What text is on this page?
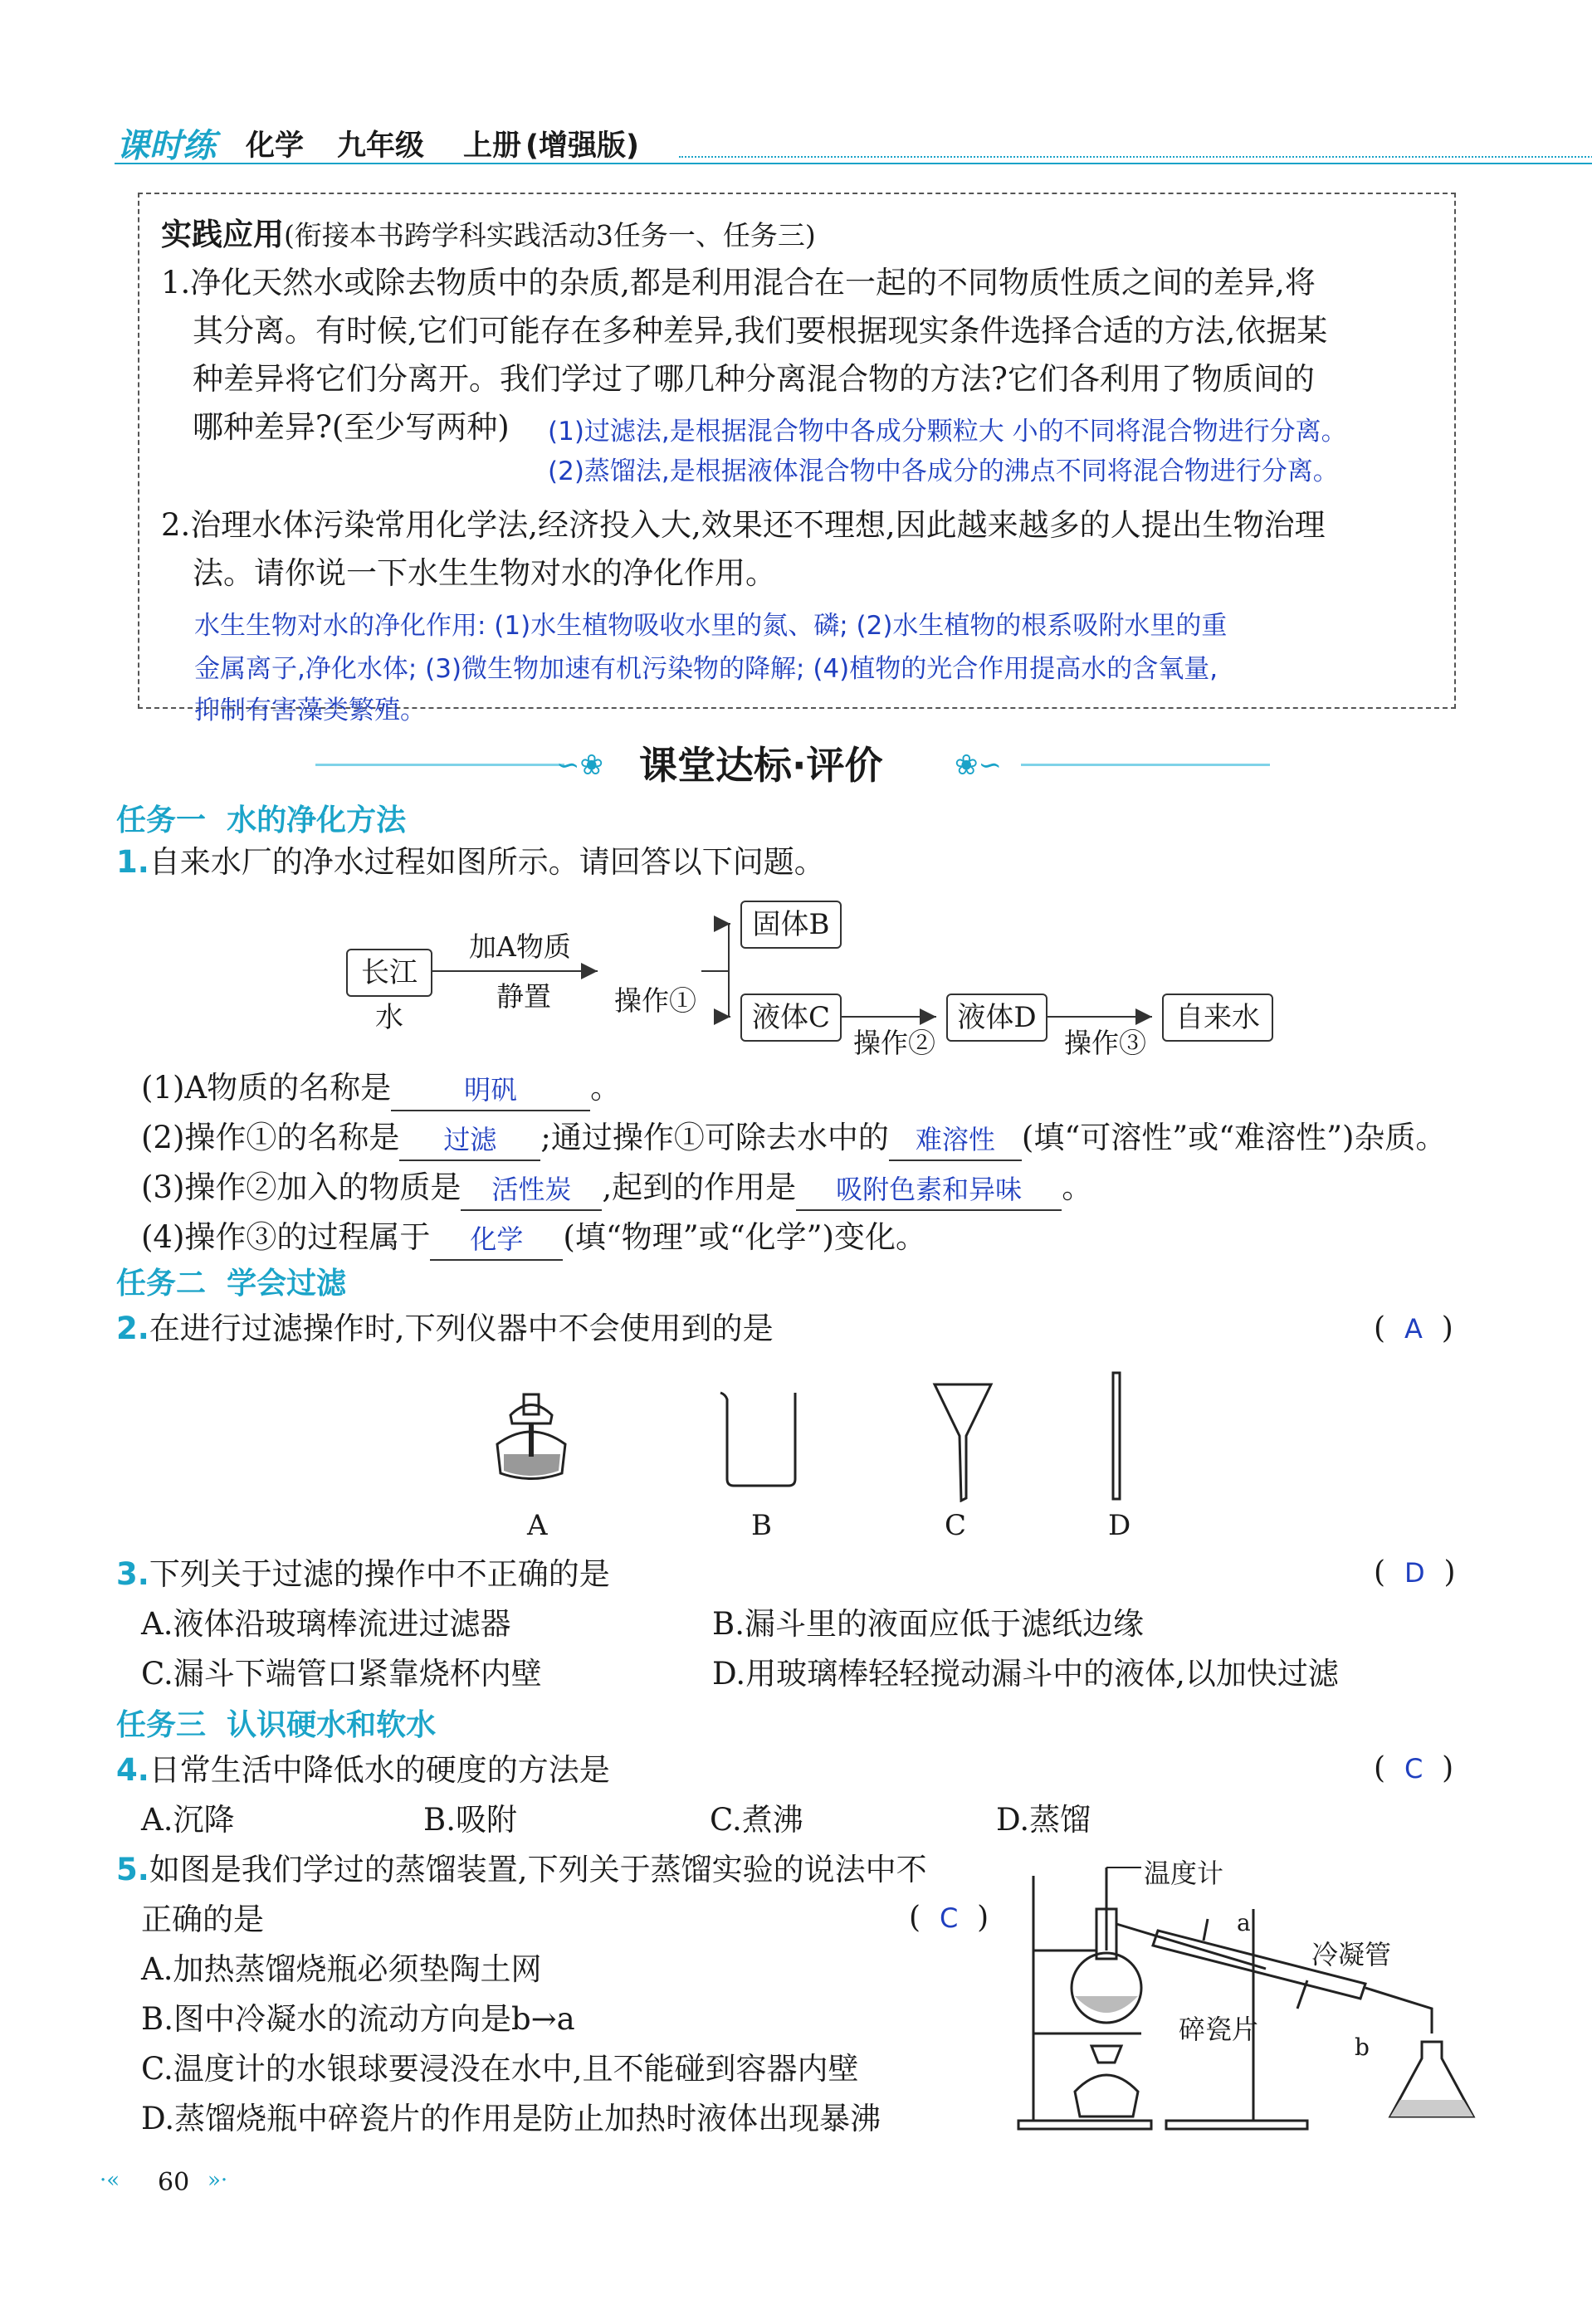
课时练 化学 九年级 上册 (增强版)
实践应用(衔接本书跨学科实践活动3任务一、任务三)
1.净化天然水或除去物质中的杂质,都是利用混合在一起的不同物质性质之间的差异,将
其分离。有时候,它们可能存在多种差异,我们要根据现实条件选择合适的方法,依据某
种差异将它们分离开。我们学过了哪几种分离混合物的方法?它们各利用了物质间的
哪种差异?(至少写两种) (1)过滤法,是根据混合物中各成分颗粒大 小的不同将混合物进行分离。
(2)蒸馏法,是根据液体混合物中各成分的沸点不同将混合物进行分离。
2.治理水体污染常用化学法,经济投入大,效果还不理想,因此越来越多的人提出生物治理
法。请你说一下水生生物对水的净化作用。
水生生物对水的净化作用: (1)水生植物吸收水里的氮、磷; (2)水生植物的根系吸附水里的重
金属离子,净化水体; (3)微生物加速有机污染物的降解; (4)植物的光合作用提高水的含氧量,
抑制有害藻类繁殖。
∽❀ 课堂达标·评价	❀∽
任务一  水的净化方法
1.自来水厂的净水过程如图所示。请回答以下问题。
长江水
加A物质
静置 操作①
固体B
液体C
操作②
液体D
操作③
自来水
(1)A物质的名称是	明矾	。
(2)操作①的名称是	过滤	;通过操作①可除去水中的 难溶性 (填“可溶性”或“难溶性”)杂质。
(3)操作②加入的物质是	活性炭	,起到的作用是	吸附色素和异味	。
(4)操作③的过程属于	化学	(填“物理”或“化学”)变化。
任务二  学会过滤
2.在进行过滤操作时,下列仪器中不会使用到的是	(  A  )
A	B	C	D
3.下列关于过滤的操作中不正确的是	(  D  )
A.液体沿玻璃棒流进过滤器	B.漏斗里的液面应低于滤纸边缘
C.漏斗下端管口紧靠烧杯内壁	D.用玻璃棒轻轻搅动漏斗中的液体,以加快过滤
任务三  认识硬水和软水
4.日常生活中降低水的硬度的方法是	(  C  )
A.沉降	B.吸附	C.煮沸	D.蒸馏
5.如图是我们学过的蒸馏装置,下列关于蒸馏实验的说法中不
正确的是	(  C  )
A.加热蒸馏烧瓶必须垫陶土网
B.图中冷凝水的流动方向是b→a
C.温度计的水银球要浸没在水中,且不能碰到容器内壁
D.蒸馏烧瓶中碎瓷片的作用是防止加热时液体出现暴沸
温度计
a
冷凝管
碎瓷片
b
·« 60 »·
